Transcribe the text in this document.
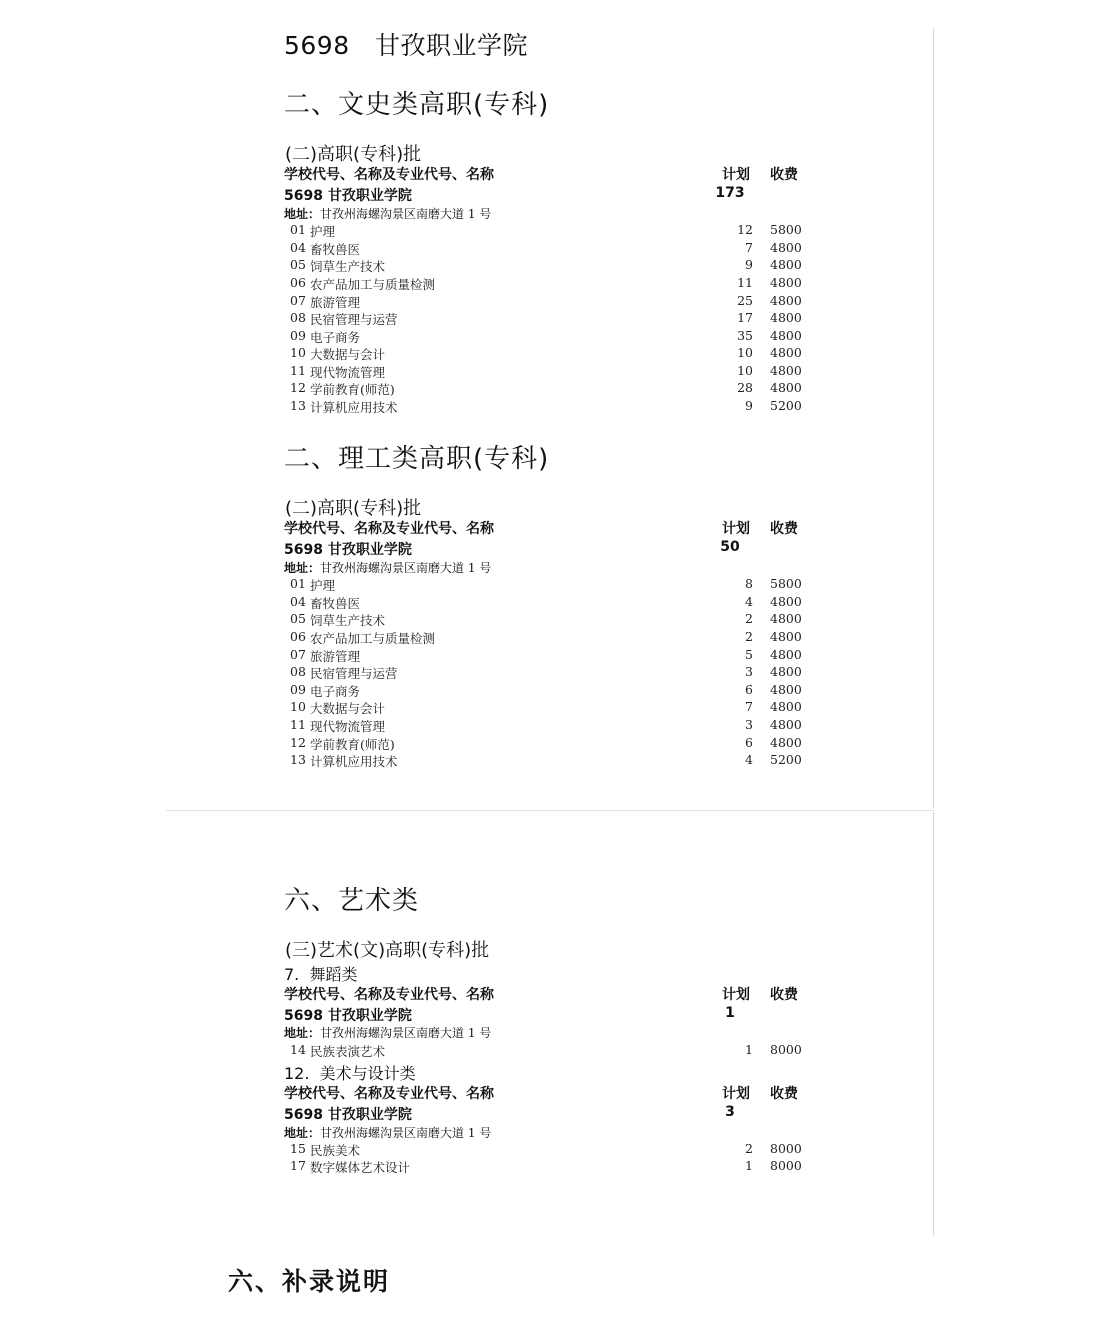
5698   甘孜职业学院
二、文史类高职(专科)
(二)高职(专科)批
学校代号、名称及专业代号、名称	计划 收费
5698 甘孜职业学院	173
地址：甘孜州海螺沟景区南磨大道 1 号
01 护理	12 5800
04 畜牧兽医	7 4800
05 饲草生产技术	9 4800
06 农产品加工与质量检测	11 4800
07 旅游管理	25 4800
08 民宿管理与运营	17 4800
09 电子商务	35 4800
10 大数据与会计	10 4800
11 现代物流管理	10 4800
12 学前教育(师范)	28 4800
13 计算机应用技术	9 5200
二、理工类高职(专科)
(二)高职(专科)批
学校代号、名称及专业代号、名称	计划 收费
5698 甘孜职业学院	50
地址：甘孜州海螺沟景区南磨大道 1 号
01 护理	8 5800
04 畜牧兽医	4 4800
05 饲草生产技术	2 4800
06 农产品加工与质量检测	2 4800
07 旅游管理	5 4800
08 民宿管理与运营	3 4800
09 电子商务	6 4800
10 大数据与会计	7 4800
11 现代物流管理	3 4800
12 学前教育(师范)	6 4800
13 计算机应用技术	4 5200
六、艺术类
(三)艺术(文)高职(专科)批
7.  舞蹈类
学校代号、名称及专业代号、名称	计划 收费
5698 甘孜职业学院	1
地址：甘孜州海螺沟景区南磨大道 1 号
14 民族表演艺术	1 8000
12.  美术与设计类
学校代号、名称及专业代号、名称	计划 收费
5698 甘孜职业学院	3
地址：甘孜州海螺沟景区南磨大道 1 号
15 民族美术	2 8000
17 数字媒体艺术设计	1 8000
六、补录说明
